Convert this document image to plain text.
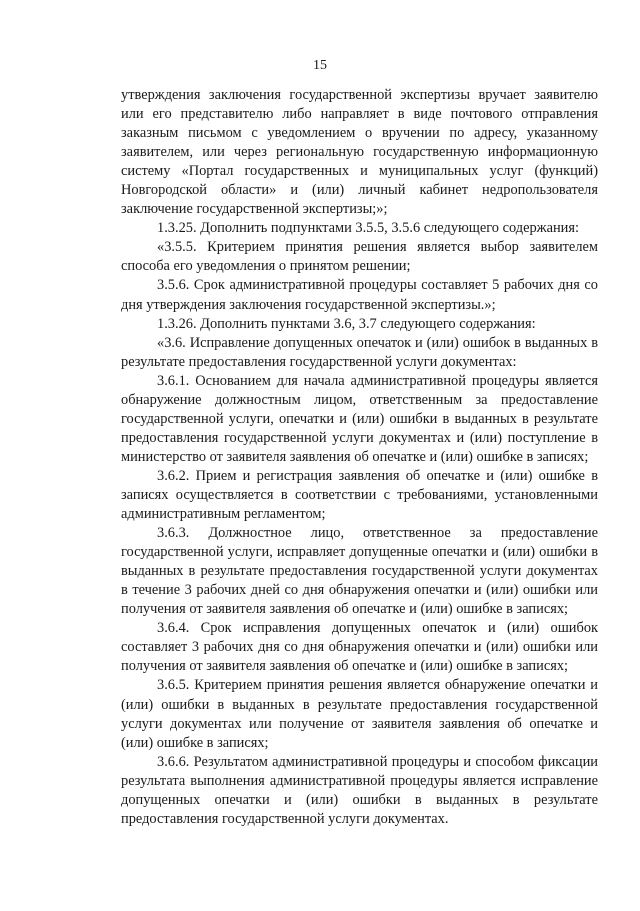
15

утверждения заключения государственной экспертизы вручает заявителю или его представителю либо направляет в виде почтового отправления заказным письмом с уведомлением о вручении по адресу, указанному заявителем, или через региональную государственную информационную систему «Портал государственных и муниципальных услуг (функций) Новгородской области» и (или) личный кабинет недропользователя заключение государственной экспертизы;»;

1.3.25. Дополнить подпунктами 3.5.5, 3.5.6 следующего содержания:

«3.5.5. Критерием принятия решения является выбор заявителем способа его уведомления о принятом решении;

3.5.6. Срок административной процедуры составляет 5 рабочих дня со дня утверждения заключения государственной экспертизы.»;

1.3.26. Дополнить пунктами 3.6, 3.7 следующего содержания:

«3.6. Исправление допущенных опечаток и (или) ошибок в выданных в результате предоставления государственной услуги документах:

3.6.1. Основанием для начала административной процедуры является обнаружение должностным лицом, ответственным за предоставление государственной услуги, опечатки и (или) ошибки в выданных в результате предоставления государственной услуги документах и (или) поступление в министерство от заявителя заявления об опечатке и (или) ошибке в записях;

3.6.2. Прием и регистрация заявления об опечатке и (или) ошибке в записях осуществляется в соответствии с требованиями, установленными административным регламентом;

3.6.3. Должностное лицо, ответственное за предоставление государственной услуги, исправляет допущенные опечатки и (или) ошибки в выданных в результате предоставления государственной услуги документах в течение 3 рабочих дней со дня обнаружения опечатки и (или) ошибки или получения от заявителя заявления об опечатке и (или) ошибке в записях;

3.6.4. Срок исправления допущенных опечаток и (или) ошибок составляет 3 рабочих дня со дня обнаружения опечатки и (или) ошибки или получения от заявителя заявления об опечатке и (или) ошибке в записях;

3.6.5. Критерием принятия решения является обнаружение опечатки и (или) ошибки в выданных в результате предоставления государственной услуги документах или получение от заявителя заявления об опечатке и (или) ошибке в записях;

3.6.6. Результатом административной процедуры и способом фиксации результата выполнения административной процедуры является исправление допущенных опечатки и (или) ошибки в выданных в результате предоставления государственной услуги документах.
